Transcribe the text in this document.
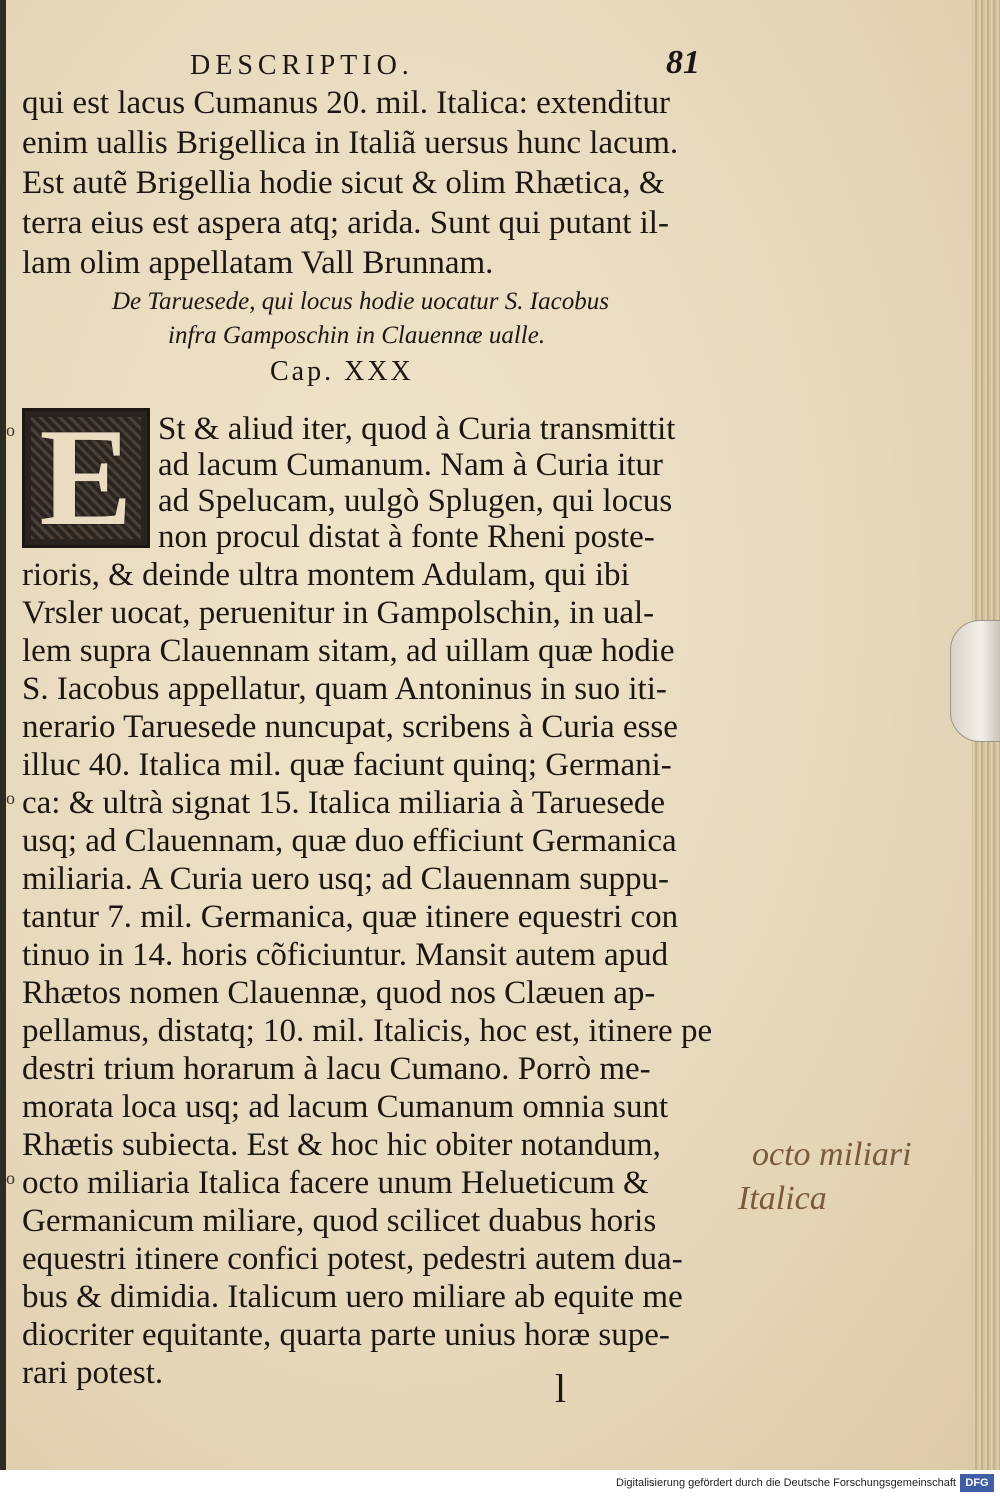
DESCRIPTIO.	81
qui est lacus Cumanus 20. mil. Italica: extenditur
enim uallis Brigellica in Italiã uersus hunc lacum.
Est autẽ Brigellia hodie sicut & olim Rhætica, &
terra eius est aspera atq; arida. Sunt qui putant il-
lam olim appellatam Vall Brunnam.
De Taruesede, qui locus hodie uocatur S. Iacobus
infra Gamposchin in Clauennæ ualle.
Cap. XXX
E St & aliud iter, quod à Curia transmittit
ad lacum Cumanum. Nam à Curia itur
ad Spelucam, uulgò Splugen, qui locus
non procul distat à fonte Rheni poste-
rioris, & deinde ultra montem Adulam, qui ibi
Vrsler uocat, peruenitur in Gampolschin, in ual-
lem supra Clauennam sitam, ad uillam quæ hodie
S. Iacobus appellatur, quam Antoninus in suo iti-
nerario Taruesede nuncupat, scribens à Curia esse
illuc 40. Italica mil. quæ faciunt quinq; Germani-
ca: & ultrà signat 15. Italica miliaria à Taruesede
usq; ad Clauennam, quæ duo efficiunt Germanica
miliaria. A Curia uero usq; ad Clauennam suppu-
tantur 7. mil. Germanica, quæ itinere equestri con
tinuo in 14. horis cõficiuntur. Mansit autem apud
Rhætos nomen Clauennæ, quod nos Clæuen ap-
pellamus, distatq; 10. mil. Italicis, hoc est, itinere pe
destri trium horarum à lacu Cumano. Porrò me-
morata loca usq; ad lacum Cumanum omnia sunt
Rhætis subiecta. Est & hoc hic obiter notandum,
octo miliaria Italica facere unum Helueticum &
Germanicum miliare, quod scilicet duabus horis
equestri itinere confici potest, pedestri autem dua-
bus & dimidia. Italicum uero miliare ab equite me
diocriter equitante, quarta parte unius horæ supe-
rari potest.
o
o
o
octo miliari
Italica
l
Digitalisierung gefördert durch die Deutsche Forschungsgemeinschaft DFG
